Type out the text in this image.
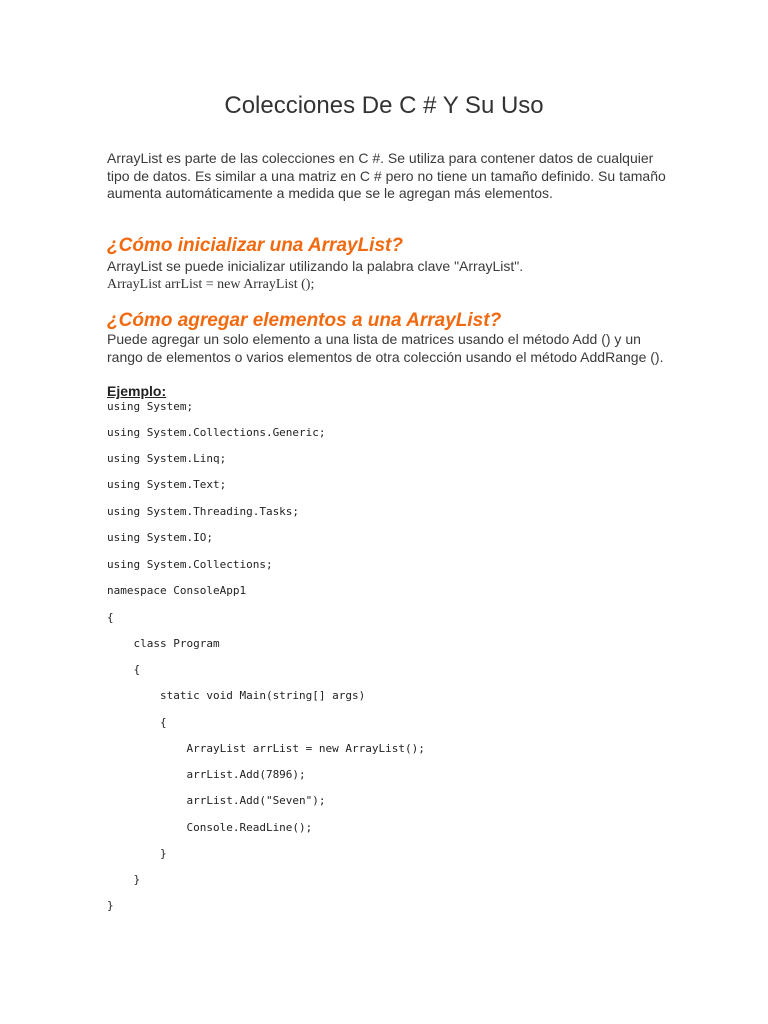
Colecciones De C # Y Su Uso

ArrayList es parte de las colecciones en C #. Se utiliza para contener datos de cualquier tipo de datos. Es similar a una matriz en C # pero no tiene un tamaño definido. Su tamaño aumenta automáticamente a medida que se le agregan más elementos.

¿Cómo inicializar una ArrayList?

ArrayList se puede inicializar utilizando la palabra clave "ArrayList".

ArrayList arrList = new ArrayList ();

¿Cómo agregar elementos a una ArrayList?

Puede agregar un solo elemento a una lista de matrices usando el método Add () y un rango de elementos o varios elementos de otra colección usando el método AddRange ().

Ejemplo:

using System;
using System.Collections.Generic;
using System.Linq;
using System.Text;
using System.Threading.Tasks;
using System.IO;
using System.Collections;
namespace ConsoleApp1
{
class Program
{
static void Main(string[] args)
{
ArrayList arrList = new ArrayList();
arrList.Add(7896);
arrList.Add("Seven");
Console.ReadLine();
}
}
}
